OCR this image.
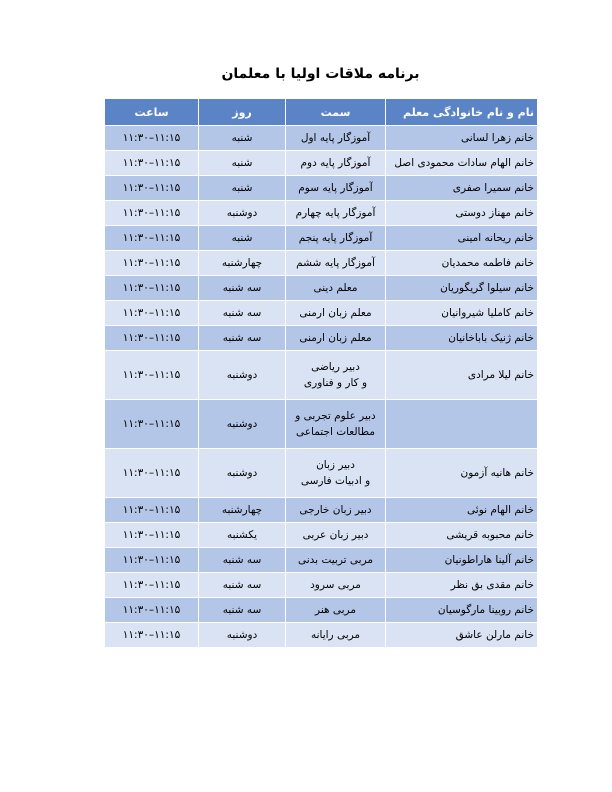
برنامه ملاقات اولیا با معلمان
نام و نام خانوادگی معلم	سمت	روز	ساعت
خانم زهرا لسانی	آموزگار پایه اول	شنبه	۱۱:۱۵–۱۱:۳۰
خانم الهام سادات محمودی اصل	آموزگار پایه دوم	شنبه	۱۱:۱۵–۱۱:۳۰
خانم سمیرا صفری	آموزگار پایه سوم	شنبه	۱۱:۱۵–۱۱:۳۰
خانم مهناز دوستی	آموزگار پایه چهارم	دوشنبه	۱۱:۱۵–۱۱:۳۰
خانم ریحانه امینی	آموزگار پایه پنجم	شنبه	۱۱:۱۵–۱۱:۳۰
خانم فاطمه محمدیان	آموزگار پایه ششم	چهارشنبه	۱۱:۱۵–۱۱:۳۰
خانم سیلوا گریگوریان	معلم دینی	سه شنبه	۱۱:۱۵–۱۱:۳۰
خانم کاملیا شیروانیان	معلم زبان ارمنی	سه شنبه	۱۱:۱۵–۱۱:۳۰
خانم ژنیک باباخانیان	معلم زبان ارمنی	سه شنبه	۱۱:۱۵–۱۱:۳۰
خانم لیلا مرادی	دبیر ریاضی
و کار و فناوری	دوشنبه	۱۱:۱۵–۱۱:۳۰

	دبیر علوم تجربی و
مطالعات اجتماعی	دوشنبه	۱۱:۱۵–۱۱:۳۰
خانم هانیه آزمون	دبیر زبان
و ادبیات فارسی	دوشنبه	۱۱:۱۵–۱۱:۳۰
خانم الهام نوئی	دبیر زبان خارجی	چهارشنبه	۱۱:۱۵–۱۱:۳۰
خانم محبوبه قریشی	دبیر زبان عربی	یکشنبه	۱۱:۱۵–۱۱:۳۰
خانم آلینا هاراطونیان	مربی تربیت بدنی	سه شنبه	۱۱:۱۵–۱۱:۳۰
خانم مقدی بق نظر	مربی سرود	سه شنبه	۱۱:۱۵–۱۱:۳۰
خانم روبینا مارگوسیان	مربی هنر	سه شنبه	۱۱:۱۵–۱۱:۳۰
خانم مارلن عاشق	مربی رایانه	دوشنبه	۱۱:۱۵–۱۱:۳۰
